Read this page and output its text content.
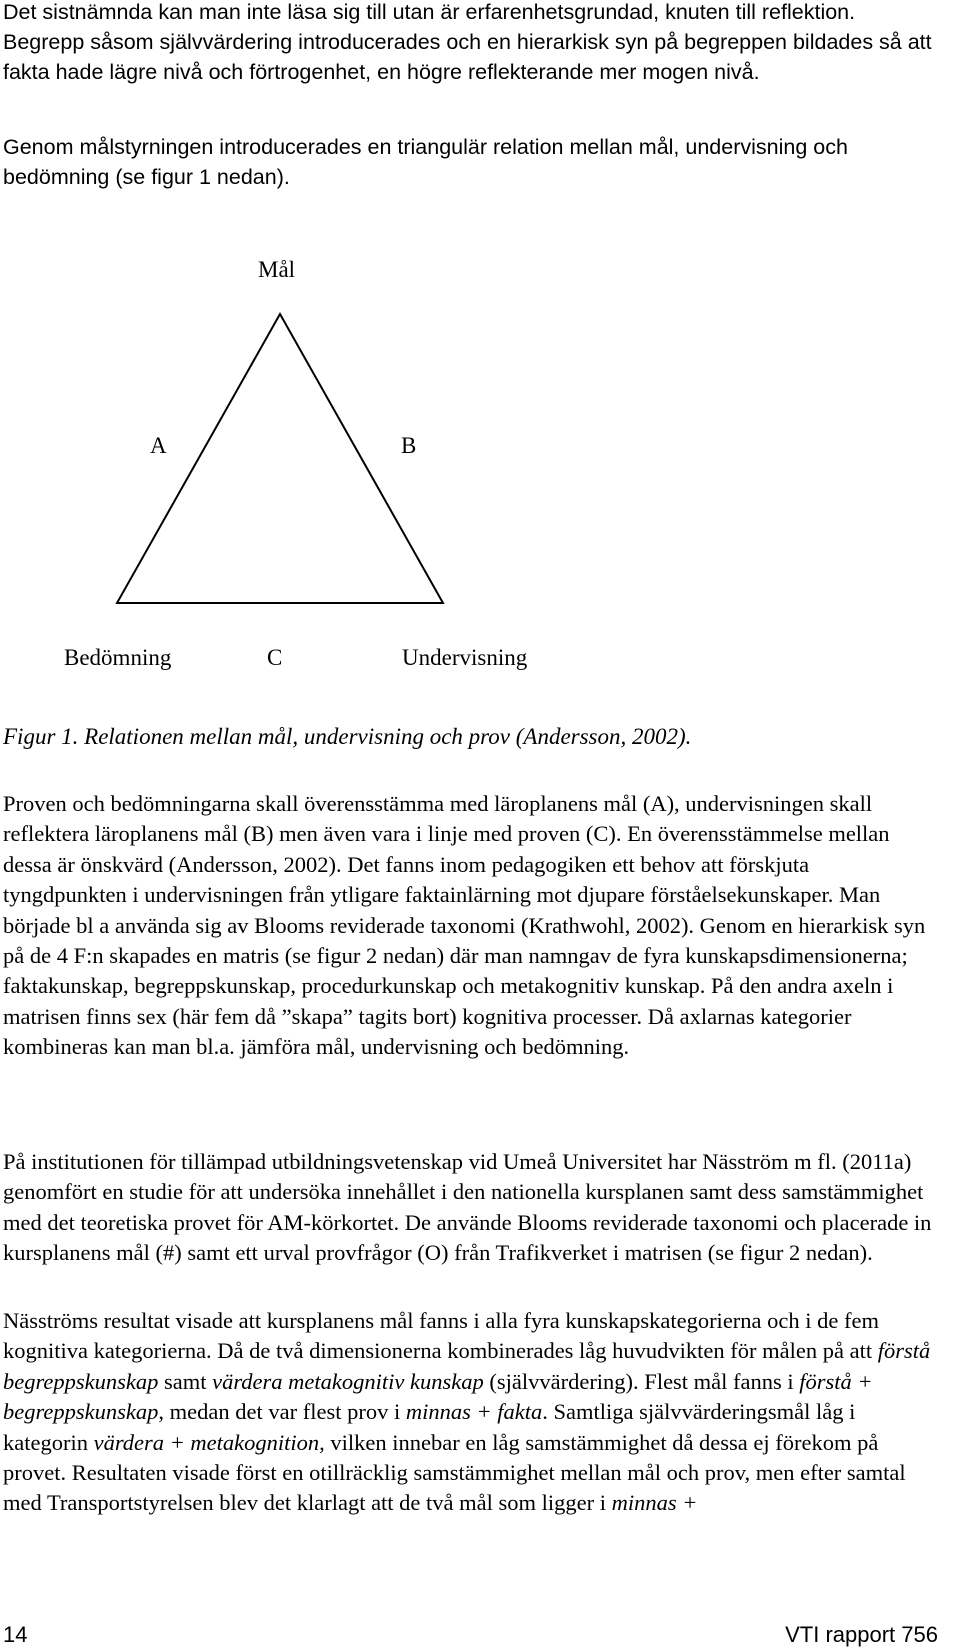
Det sistnämnda kan man inte läsa sig till utan är erfarenhetsgrundad, knuten till reflektion. Begrepp såsom självvärdering introducerades och en hierarkisk syn på begreppen bildades så att fakta hade lägre nivå och förtrogenhet, en högre reflekterande mer mogen nivå.

Genom målstyrningen introducerades en triangulär relation mellan mål, undervisning och bedömning (se figur 1 nedan).

Mål
A	B
Bedömning	C	Undervisning
Figur 1. Relationen mellan mål, undervisning och prov (Andersson, 2002).

Proven och bedömningarna skall överensstämma med läroplanens mål (A), undervisningen skall reflektera läroplanens mål (B) men även vara i linje med proven (C). En överensstämmelse mellan dessa är önskvärd (Andersson, 2002). Det fanns inom pedagogiken ett behov att förskjuta tyngdpunkten i undervisningen från ytligare faktainlärning mot djupare förståelsekunskaper. Man började bl a använda sig av Blooms reviderade taxonomi (Krathwohl, 2002). Genom en hierarkisk syn på de 4 F:n skapades en matris (se figur 2 nedan) där man namngav de fyra kunskapsdimensionerna; faktakunskap, begreppskunskap, procedurkunskap och metakognitiv kunskap. På den andra axeln i matrisen finns sex (här fem då ”skapa” tagits bort) kognitiva processer. Då axlarnas kategorier kombineras kan man bl.a. jämföra mål, undervisning och bedömning.

På institutionen för tillämpad utbildningsvetenskap vid Umeå Universitet har Näsström m fl. (2011a) genomfört en studie för att undersöka innehållet i den nationella kursplanen samt dess samstämmighet med det teoretiska provet för AM-körkortet. De använde Blooms reviderade taxonomi och placerade in kursplanens mål (#) samt ett urval provfrågor (O) från Trafikverket i matrisen (se figur 2 nedan).

Näsströms resultat visade att kursplanens mål fanns i alla fyra kunskapskategorierna och i de fem kognitiva kategorierna. Då de två dimensionerna kombinerades låg huvudvikten för målen på att förstå begreppskunskap samt värdera metakognitiv kunskap (självvärdering). Flest mål fanns i förstå + begreppskunskap, medan det var flest prov i minnas + fakta. Samtliga självvärderingsmål låg i kategorin värdera + metakognition, vilken innebar en låg samstämmighet då dessa ej förekom på provet. Resultaten visade först en otillräcklig samstämmighet mellan mål och prov, men efter samtal med Transportstyrelsen blev det klarlagt att de två mål som ligger i minnas +

14	VTI rapport 756
